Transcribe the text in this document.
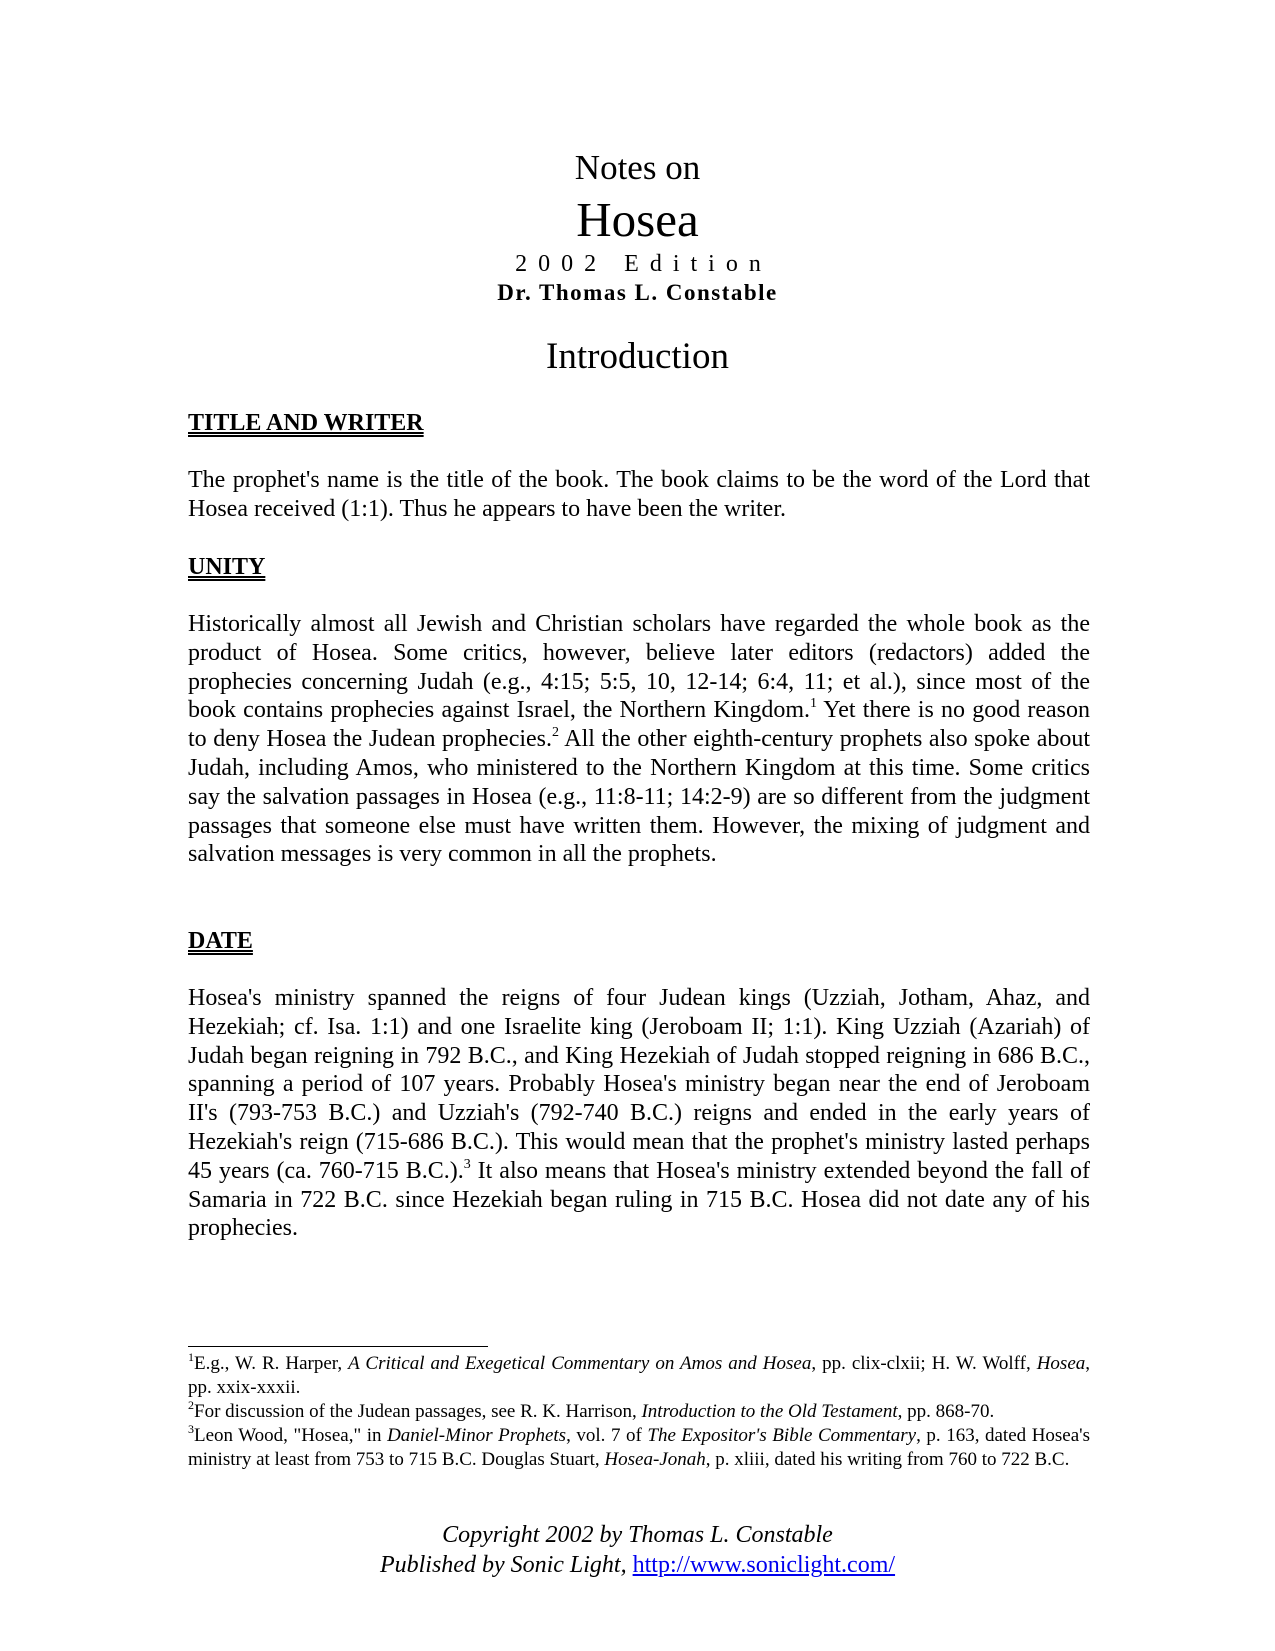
Notes on
Hosea
2002 Edition
Dr. Thomas L. Constable
Introduction
TITLE AND WRITER

The prophet's name is the title of the book. The book claims to be the word of the Lord that Hosea received (1:1). Thus he appears to have been the writer.

UNITY

Historically almost all Jewish and Christian scholars have regarded the whole book as the product of Hosea. Some critics, however, believe later editors (redactors) added the prophecies concerning Judah (e.g., 4:15; 5:5, 10, 12-14; 6:4, 11; et al.), since most of the book contains prophecies against Israel, the Northern Kingdom.$^1$ Yet there is no good reason to deny Hosea the Judean prophecies.$^2$ All the other eighth-century prophets also spoke about Judah, including Amos, who ministered to the Northern Kingdom at this time. Some critics say the salvation passages in Hosea (e.g., 11:8-11; 14:2-9) are so different from the judgment passages that someone else must have written them. However, the mixing of judgment and salvation messages is very common in all the prophets.

DATE

Hosea's ministry spanned the reigns of four Judean kings (Uzziah, Jotham, Ahaz, and Hezekiah; cf. Isa. 1:1) and one Israelite king (Jeroboam II; 1:1). King Uzziah (Azariah) of Judah began reigning in 792 B.C., and King Hezekiah of Judah stopped reigning in 686 B.C., spanning a period of 107 years. Probably Hosea's ministry began near the end of Jeroboam II's (793-753 B.C.) and Uzziah's (792-740 B.C.) reigns and ended in the early years of Hezekiah's reign (715-686 B.C.). This would mean that the prophet's ministry lasted perhaps 45 years (ca. 760-715 B.C.).$^3$ It also means that Hosea's ministry extended beyond the fall of Samaria in 722 B.C. since Hezekiah began ruling in 715 B.C. Hosea did not date any of his prophecies.

$^1$E.g., W. R. Harper, A Critical and Exegetical Commentary on Amos and Hosea, pp. clix-clxii; H. W. Wolff, Hosea, pp. xxix-xxxii.

$^2$For discussion of the Judean passages, see R. K. Harrison, Introduction to the Old Testament, pp. 868-70.

$^3$Leon Wood, "Hosea," in Daniel-Minor Prophets, vol. 7 of The Expositor's Bible Commentary, p. 163, dated Hosea's ministry at least from 753 to 715 B.C. Douglas Stuart, Hosea-Jonah, p. xliii, dated his writing from 760 to 722 B.C.

Copyright 2002 by Thomas L. Constable
Published by Sonic Light, http://www.soniclight.com/
